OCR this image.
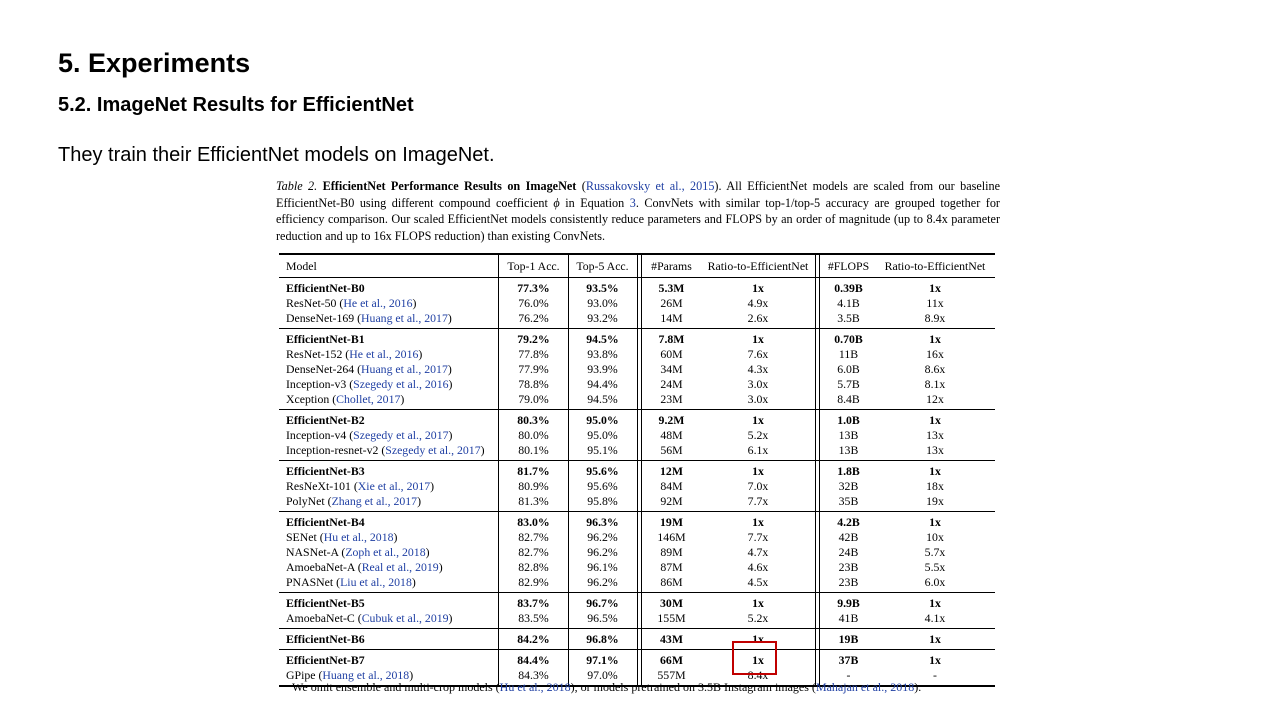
5. Experiments
5.2. ImageNet Results for EfficientNet
They train their EfficientNet models on ImageNet.
Table 2. EfficientNet Performance Results on ImageNet (Russakovsky et al., 2015). All EfficientNet models are scaled from our baseline EfficientNet-B0 using different compound coefficient ϕ in Equation 3. ConvNets with similar top-1/top-5 accuracy are grouped together for efficiency comparison. Our scaled EfficientNet models consistently reduce parameters and FLOPS by an order of magnitude (up to 8.4x parameter reduction and up to 16x FLOPS reduction) than existing ConvNets.
Model	Top-1 Acc.	Top-5 Acc.	#Params	Ratio-to-EfficientNet	#FLOPS	Ratio-to-EfficientNet
EfficientNet-B0	77.3%	93.5%	5.3M	1x	0.39B	1x
ResNet-50 (He et al., 2016)	76.0%	93.0%	26M	4.9x	4.1B	11x
DenseNet-169 (Huang et al., 2017)	76.2%	93.2%	14M	2.6x	3.5B	8.9x
EfficientNet-B1	79.2%	94.5%	7.8M	1x	0.70B	1x
ResNet-152 (He et al., 2016)	77.8%	93.8%	60M	7.6x	11B	16x
DenseNet-264 (Huang et al., 2017)	77.9%	93.9%	34M	4.3x	6.0B	8.6x
Inception-v3 (Szegedy et al., 2016)	78.8%	94.4%	24M	3.0x	5.7B	8.1x
Xception (Chollet, 2017)	79.0%	94.5%	23M	3.0x	8.4B	12x
EfficientNet-B2	80.3%	95.0%	9.2M	1x	1.0B	1x
Inception-v4 (Szegedy et al., 2017)	80.0%	95.0%	48M	5.2x	13B	13x
Inception-resnet-v2 (Szegedy et al., 2017)	80.1%	95.1%	56M	6.1x	13B	13x
EfficientNet-B3	81.7%	95.6%	12M	1x	1.8B	1x
ResNeXt-101 (Xie et al., 2017)	80.9%	95.6%	84M	7.0x	32B	18x
PolyNet (Zhang et al., 2017)	81.3%	95.8%	92M	7.7x	35B	19x
EfficientNet-B4	83.0%	96.3%	19M	1x	4.2B	1x
SENet (Hu et al., 2018)	82.7%	96.2%	146M	7.7x	42B	10x
NASNet-A (Zoph et al., 2018)	82.7%	96.2%	89M	4.7x	24B	5.7x
AmoebaNet-A (Real et al., 2019)	82.8%	96.1%	87M	4.6x	23B	5.5x
PNASNet (Liu et al., 2018)	82.9%	96.2%	86M	4.5x	23B	6.0x
EfficientNet-B5	83.7%	96.7%	30M	1x	9.9B	1x
AmoebaNet-C (Cubuk et al., 2019)	83.5%	96.5%	155M	5.2x	41B	4.1x
EfficientNet-B6	84.2%	96.8%	43M	1x	19B	1x
EfficientNet-B7	84.4%	97.1%	66M	1x	37B	1x
GPipe (Huang et al., 2018)	84.3%	97.0%	557M	8.4x	-	-
We omit ensemble and multi-crop models (Hu et al., 2018), or models pretrained on 3.5B Instagram images (Mahajan et al., 2018).
